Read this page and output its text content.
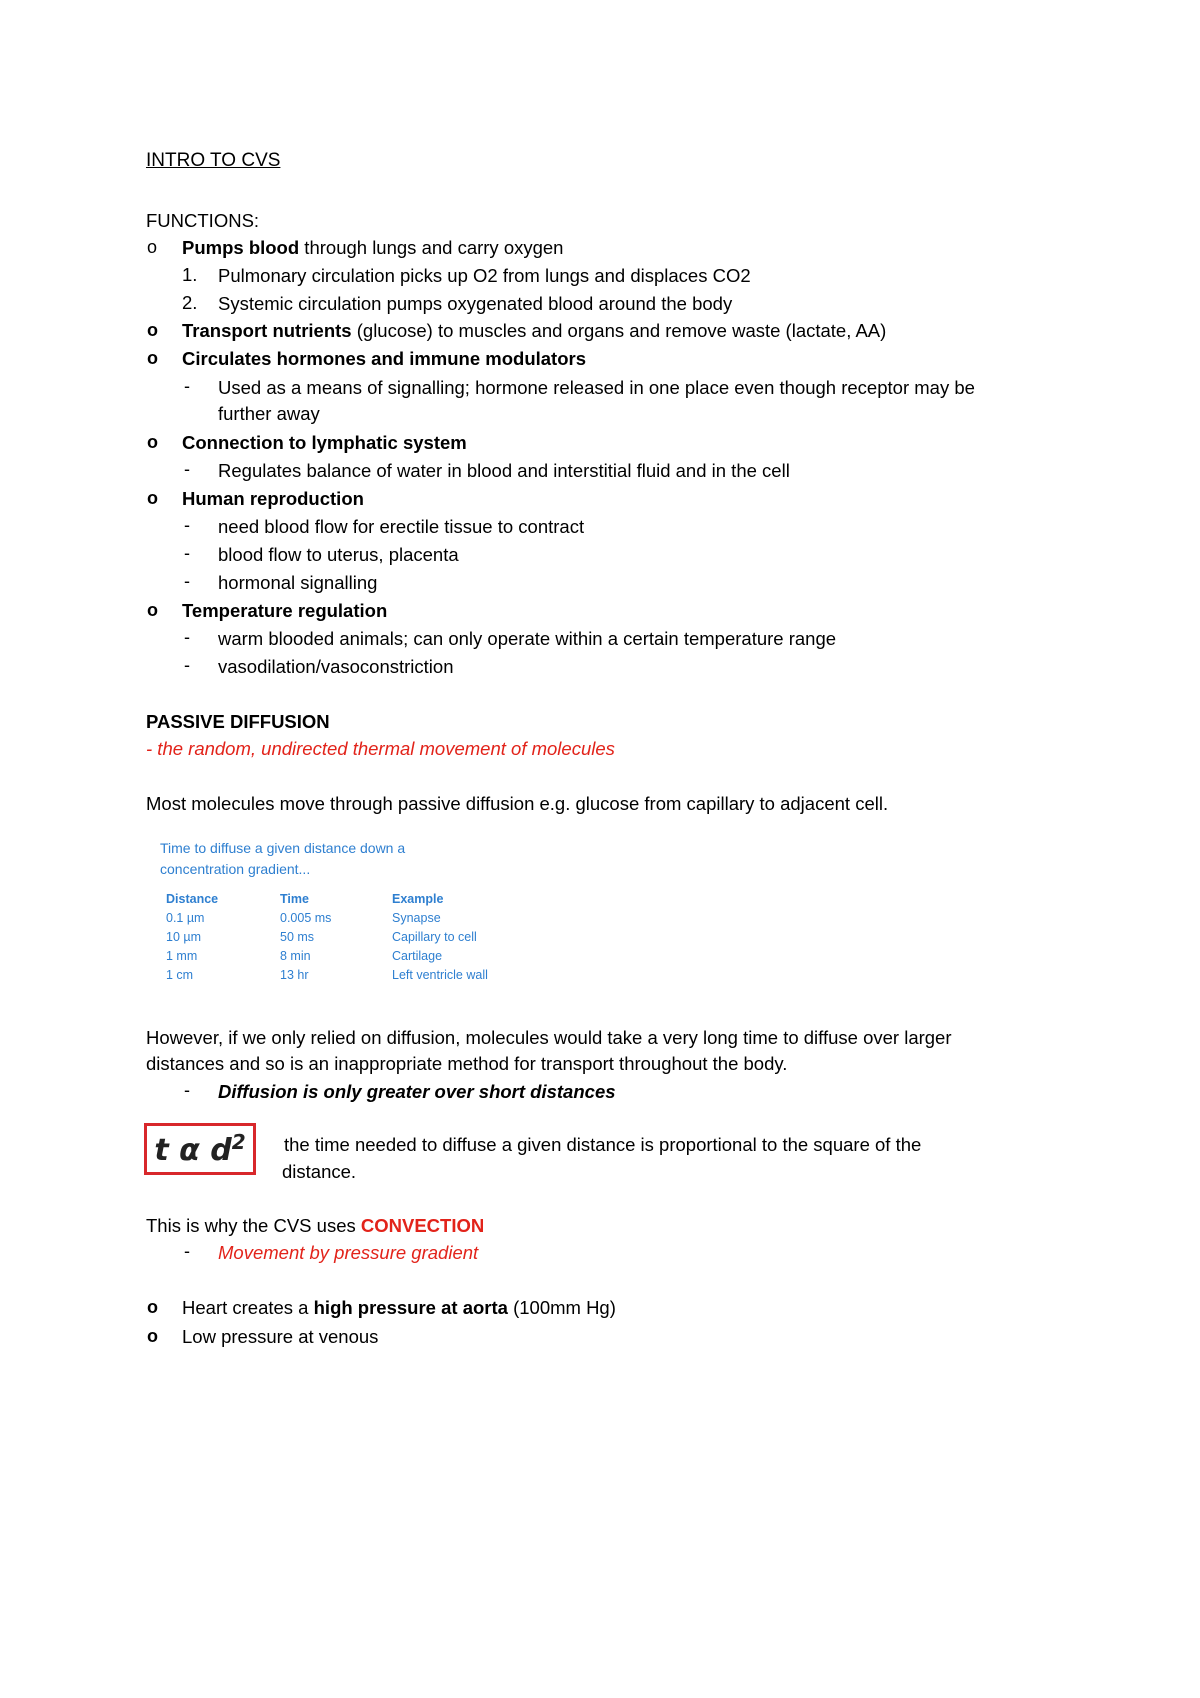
INTRO TO CVS
FUNCTIONS:
o Pumps blood through lungs and carry oxygen
1. Pulmonary circulation picks up O2 from lungs and displaces CO2
2. Systemic circulation pumps oxygenated blood around the body
o Transport nutrients (glucose) to muscles and organs and remove waste (lactate, AA)
o Circulates hormones and immune modulators
- Used as a means of signalling; hormone released in one place even though receptor may be
further away
o Connection to lymphatic system
- Regulates balance of water in blood and interstitial fluid and in the cell
o Human reproduction
- need blood flow for erectile tissue to contract
- blood flow to uterus, placenta
- hormonal signalling
o Temperature regulation
- warm blooded animals; can only operate within a certain temperature range
- vasodilation/vasoconstriction
PASSIVE DIFFUSION
- the random, undirected thermal movement of molecules
Most molecules move through passive diffusion e.g. glucose from capillary to adjacent cell.
Time to diffuse a given distance down a
concentration gradient...
Distance	Time	Example
0.1 µm	0.005 ms	Synapse
10 µm	50 ms	Capillary to cell
1 mm	8 min	Cartilage
1 cm	13 hr	Left ventricle wall
However, if we only relied on diffusion, molecules would take a very long time to diffuse over larger
distances and so is an inappropriate method for transport throughout the body.
- Diffusion is only greater over short distances
t α $d^2$ the time needed to diffuse a given distance is proportional to the square of the
distance.
This is why the CVS uses CONVECTION
- Movement by pressure gradient
o Heart creates a high pressure at aorta (100mm Hg)
o Low pressure at venous
